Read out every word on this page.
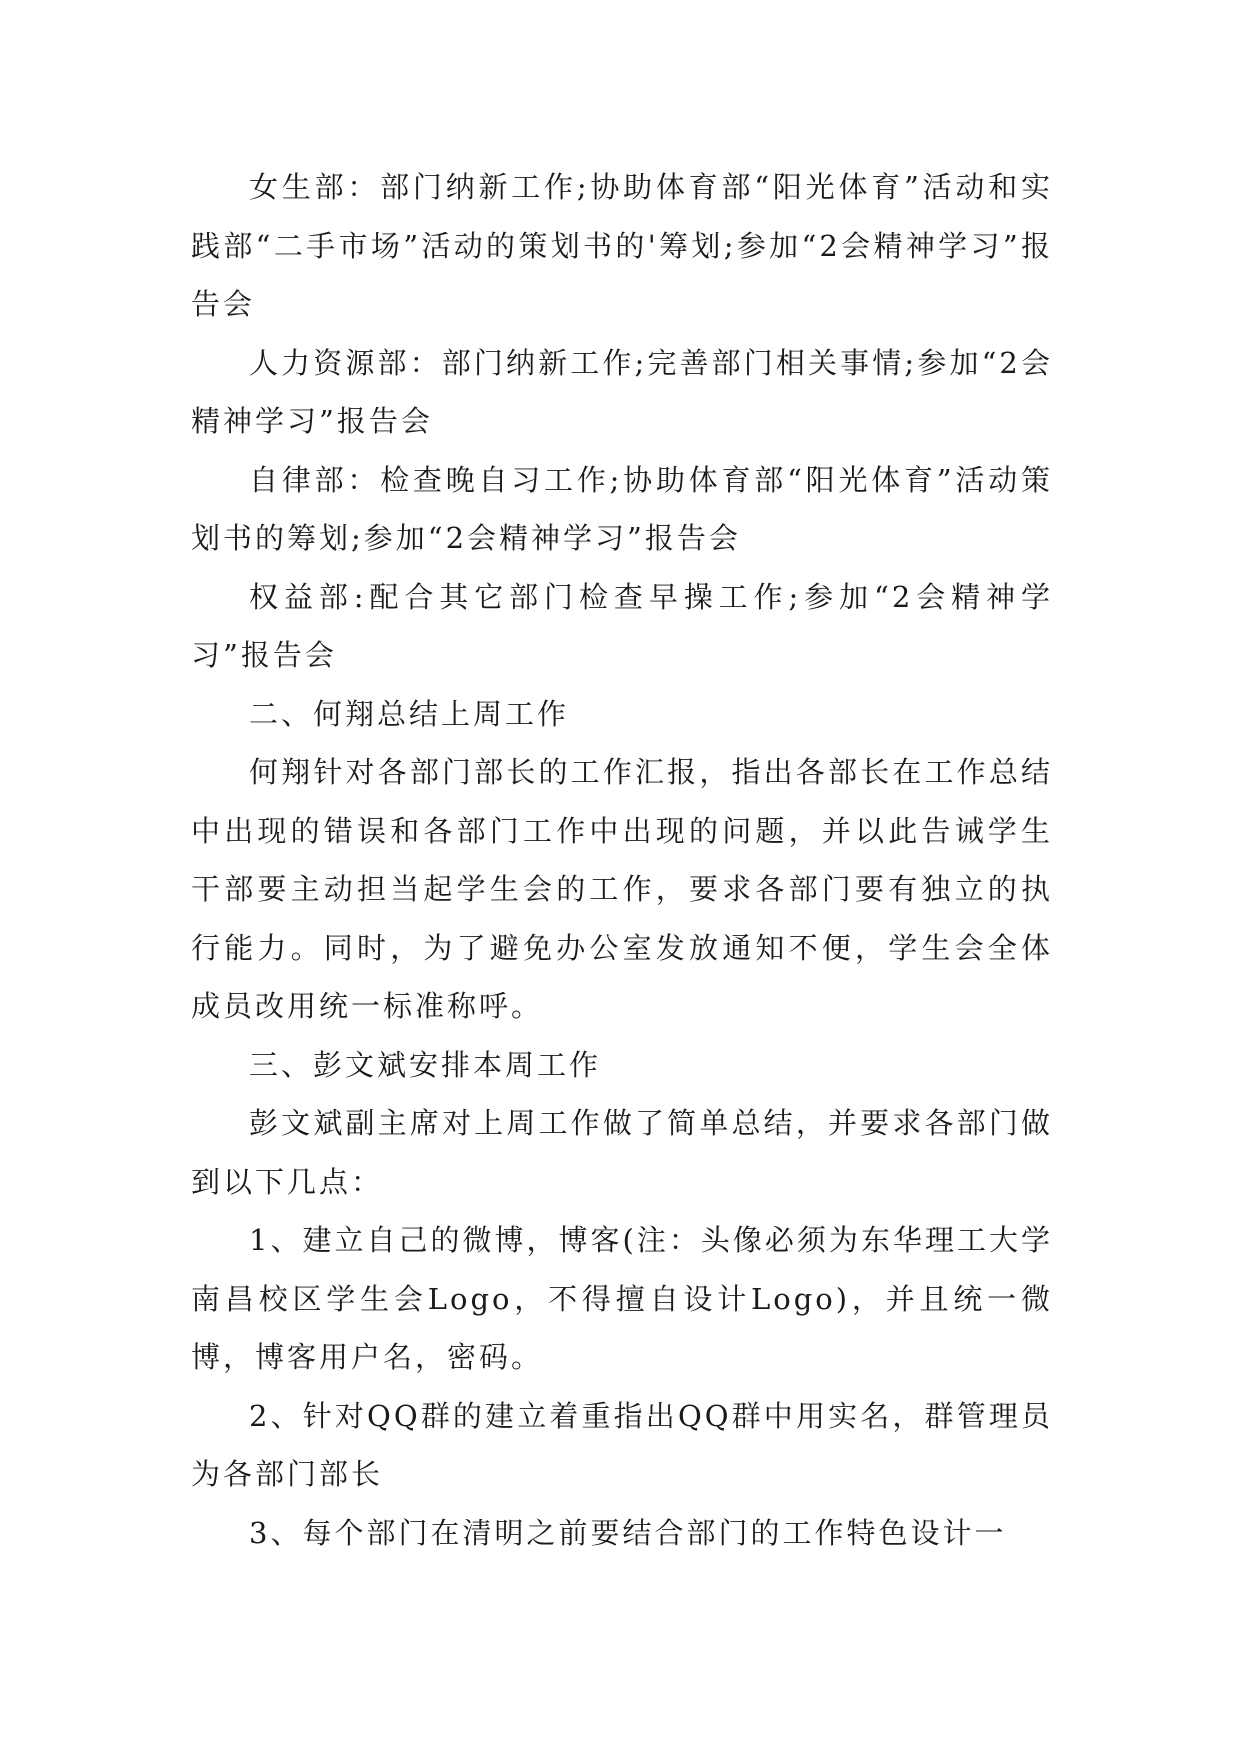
女生部：部门纳新工作;协助体育部“阳光体育”活动和实践部“二手市场”活动的策划书的'筹划;参加“2会精神学习”报告会

人力资源部：部门纳新工作;完善部门相关事情;参加“2会精神学习”报告会

自律部：检查晚自习工作;协助体育部“阳光体育”活动策划书的筹划;参加“2会精神学习”报告会

权益部:配合其它部门检查早操工作;参加“2会精神学习”报告会

二、何翔总结上周工作

何翔针对各部门部长的工作汇报，指出各部长在工作总结中出现的错误和各部门工作中出现的问题，并以此告诫学生干部要主动担当起学生会的工作，要求各部门要有独立的执行能力。同时，为了避免办公室发放通知不便，学生会全体成员改用统一标准称呼。

三、彭文斌安排本周工作

彭文斌副主席对上周工作做了简单总结，并要求各部门做到以下几点：

1、建立自己的微博，博客(注：头像必须为东华理工大学南昌校区学生会Logo，不得擅自设计Logo)，并且统一微博，博客用户名，密码。

2、针对QQ群的建立着重指出QQ群中用实名，群管理员为各部门部长

3、每个部门在清明之前要结合部门的工作特色设计一
